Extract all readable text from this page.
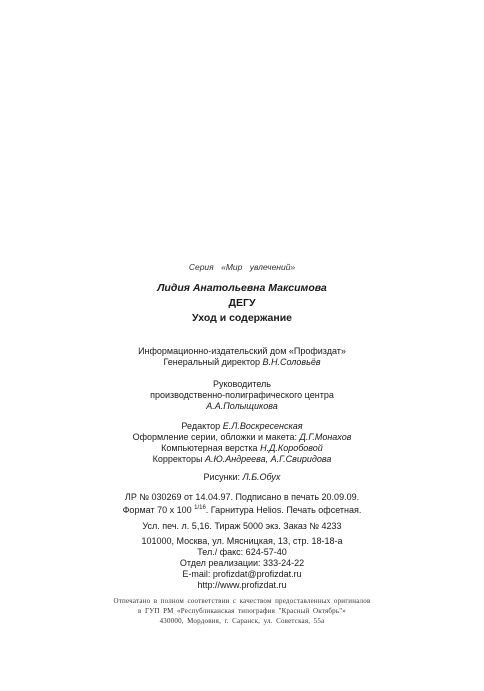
Серия «Мир увлечений»
Лидия Анатольевна Максимова
ДЕГУ
Уход и содержание
Информационно-издательский дом «Профиздат»
Генеральный директор В.Н.Соловьёв
Руководитель
производственно-полиграфического центра
А.А.Полыщикова
Редактор Е.Л.Воскресенская
Оформление серии, обложки и макета: Д.Г.Монахов
Компьютерная верстка Н.Д.Коробовой
Корректоры А.Ю.Андреева, А.Г.Свиридова
Рисунки: Л.Б.Обух
ЛР № 030269 от 14.04.97. Подписано в печать 20.09.09.
Формат 70 x 100 $^{1/16}$. Гарнитура Helios. Печать офсетная.
Усл. печ. л. 5,16. Тираж 5000 экз. Заказ № 4233
101000, Москва, ул. Мясницкая, 13, стр. 18-18-а
Тел./ факс: 624-57-40
Отдел реализации: 333-24-22
E-mail: profizdat@profizdat.ru
http://www.profizdat.ru
Отпечатано в полном соответствии с качеством предоставленных оригиналов
в ГУП РМ «Республиканская типография "Красный Октябрь"»
430000, Мордовия, г. Саранск, ул. Советская, 55а
